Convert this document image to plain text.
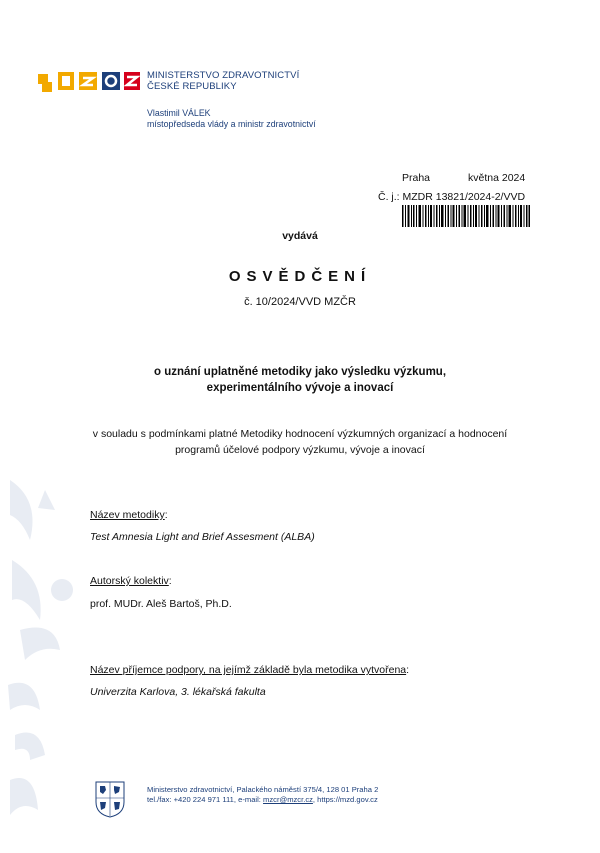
MINISTERSTVO ZDRAVOTNICTVÍ
ČESKÉ REPUBLIKY
Vlastimil VÁLEK
místopředseda vlády a ministr zdravotnictví
Praha	května 2024
Č. j.: MZDR 13821/2024-2/VVD
vydává
OSVĚDČENÍ
č. 10/2024/VVD MZČR
o uznání uplatněné metodiky jako výsledku výzkumu, experimentálního vývoje a inovací
v souladu s podmínkami platné Metodiky hodnocení výzkumných organizací a hodnocení programů účelové podpory výzkumu, vývoje a inovací
Název metodiky:
Test Amnesia Light and Brief Assesment (ALBA)
Autorský kolektiv:
prof. MUDr. Aleš Bartoš, Ph.D.
Název příjemce podpory, na jejímž základě byla metodika vytvořena:
Univerzita Karlova, 3. lékařská fakulta
Ministerstvo zdravotnictví, Palackého náměstí 375/4, 128 01 Praha 2
tel./fax: +420 224 971 111, e-mail: mzcr@mzcr.cz, https://mzd.gov.cz
